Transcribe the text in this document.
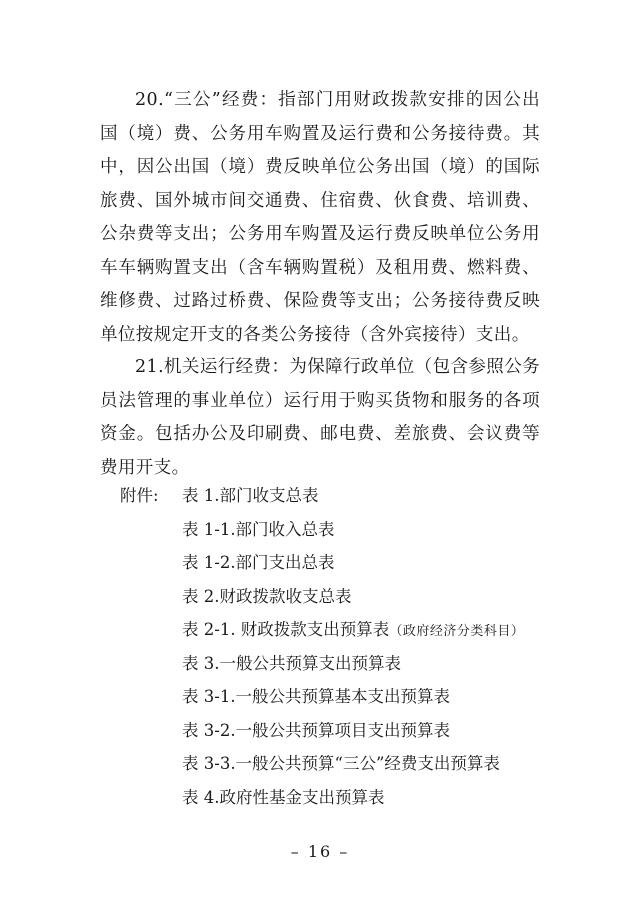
20.“三公”经费：指部门用财政拨款安排的因公出国（境）费、公务用车购置及运行费和公务接待费。其中，因公出国（境）费反映单位公务出国（境）的国际旅费、国外城市间交通费、住宿费、伙食费、培训费、公杂费等支出；公务用车购置及运行费反映单位公务用车车辆购置支出（含车辆购置税）及租用费、燃料费、维修费、过路过桥费、保险费等支出；公务接待费反映单位按规定开支的各类公务接待（含外宾接待）支出。

21.机关运行经费：为保障行政单位（包含参照公务员法管理的事业单位）运行用于购买货物和服务的各项资金。包括办公及印刷费、邮电费、差旅费、会议费等费用开支。

附件: 表 1.部门收支总表
表 1-1.部门收入总表
表 1-2.部门支出总表
表 2.财政拨款收支总表
表 2-1. 财政拨款支出预算表（政府经济分类科目）
表 3.一般公共预算支出预算表
表 3-1.一般公共预算基本支出预算表
表 3-2.一般公共预算项目支出预算表
表 3-3.一般公共预算“三公”经费支出预算表
表 4.政府性基金支出预算表
– 16 –
